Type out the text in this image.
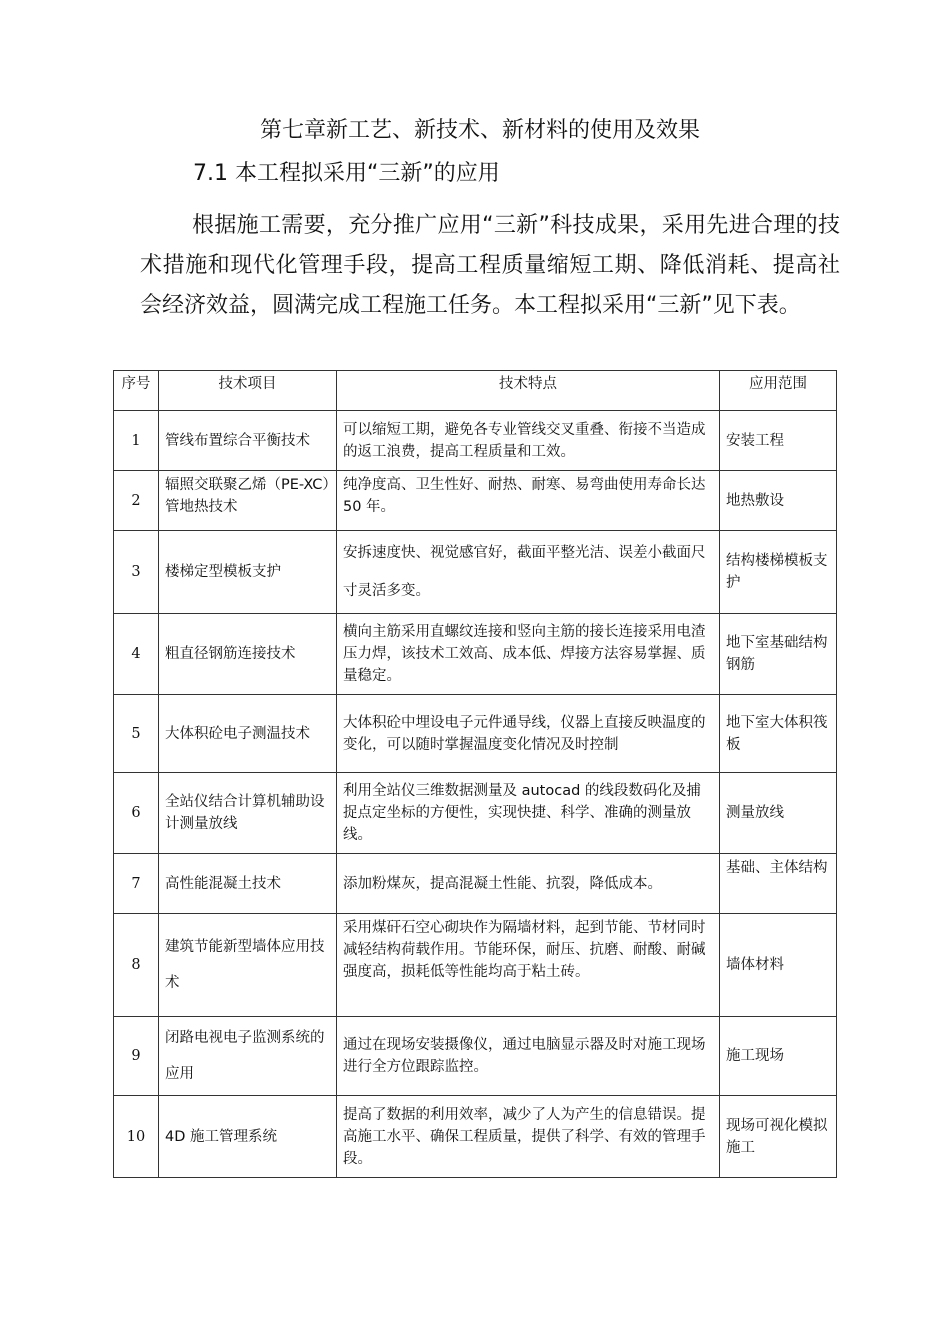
第七章新工艺、新技术、新材料的使用及效果
7.1 本工程拟采用“三新”的应用

根据施工需要，充分推广应用“三新”科技成果，采用先进合理的技术措施和现代化管理手段，提高工程质量缩短工期、降低消耗、提高社会经济效益，圆满完成工程施工任务。本工程拟采用“三新”见下表。

序号	技术项目	技术特点	应用范围
1	管线布置综合平衡技术	可以缩短工期，避免各专业管线交叉重叠、衔接不当造成的返工浪费，提高工程质量和工效。	安装工程
2	辐照交联聚乙烯（PE-XC）管地热技术	纯净度高、卫生性好、耐热、耐寒、易弯曲使用寿命长达 50 年。	地热敷设
3	楼梯定型模板支护	安拆速度快、视觉感官好，截面平整光洁、误差小截面尺寸灵活多变。	结构楼梯模板支护
4	粗直径钢筋连接技术	横向主筋采用直螺纹连接和竖向主筋的接长连接采用电渣压力焊，该技术工效高、成本低、焊接方法容易掌握、质量稳定。	地下室基础结构钢筋
5	大体积砼电子测温技术	大体积砼中埋设电子元件通导线，仪器上直接反映温度的变化，可以随时掌握温度变化情况及时控制	地下室大体积筏板
6	全站仪结合计算机辅助设计测量放线	利用全站仪三维数据测量及 autocad 的线段数码化及捕捉点定坐标的方便性，实现快捷、科学、准确的测量放线。	测量放线
7	高性能混凝土技术	添加粉煤灰，提高混凝土性能、抗裂，降低成本。	基础、主体结构
8	建筑节能新型墙体应用技术	采用煤矸石空心砌块作为隔墙材料，起到节能、节材同时减轻结构荷载作用。节能环保，耐压、抗磨、耐酸、耐碱强度高，损耗低等性能均高于粘土砖。	墙体材料
9	闭路电视电子监测系统的应用	通过在现场安装摄像仪，通过电脑显示器及时对施工现场进行全方位跟踪监控。	施工现场
10	4D 施工管理系统	提高了数据的利用效率，减少了人为产生的信息错误。提高施工水平、确保工程质量，提供了科学、有效的管理手段。	现场可视化模拟施工
